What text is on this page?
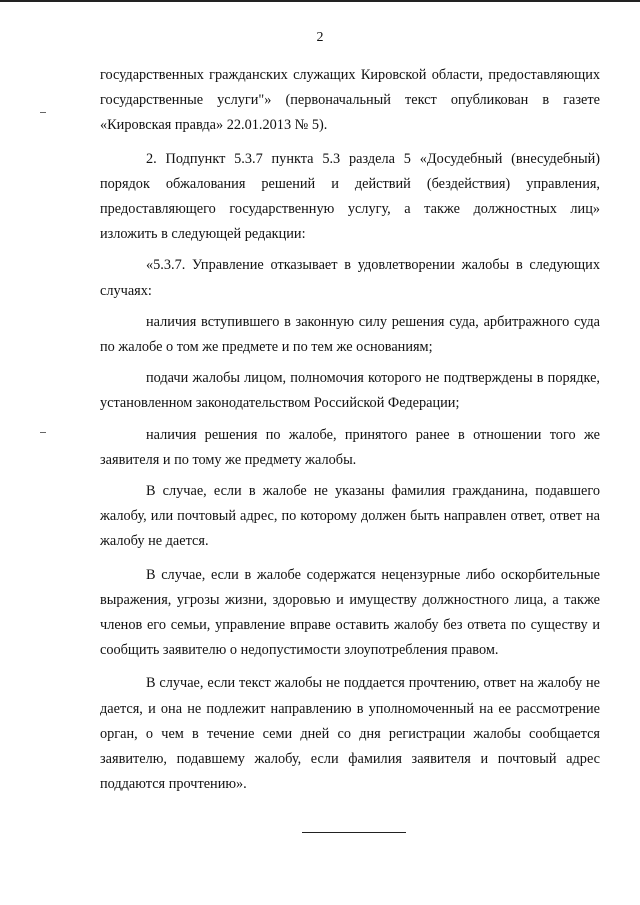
2

государственных гражданских служащих Кировской области, предоставляющих государственные услуги"» (первоначальный текст опубликован в газете «Кировская правда» 22.01.2013 № 5).

2. Подпункт 5.3.7 пункта 5.3 раздела 5 «Досудебный (внесудебный) порядок обжалования решений и действий (бездействия) управления, предоставляющего государственную услугу, а также должностных лиц» изложить в следующей редакции:

«5.3.7. Управление отказывает в удовлетворении жалобы в следующих случаях:

наличия вступившего в законную силу решения суда, арбитражного суда по жалобе о том же предмете и по тем же основаниям;

подачи жалобы лицом, полномочия которого не подтверждены в порядке, установленном законодательством Российской Федерации;

наличия решения по жалобе, принятого ранее в отношении того же заявителя и по тому же предмету жалобы.

В случае, если в жалобе не указаны фамилия гражданина, подавшего жалобу, или почтовый адрес, по которому должен быть направлен ответ, ответ на жалобу не дается.

В случае, если в жалобе содержатся нецензурные либо оскорбительные выражения, угрозы жизни, здоровью и имуществу должностного лица, а также членов его семьи, управление вправе оставить жалобу без ответа по существу и сообщить заявителю о недопустимости злоупотребления правом.

В случае, если текст жалобы не поддается прочтению, ответ на жалобу не дается, и она не подлежит направлению в уполномоченный на ее рассмотрение орган, о чем в течение семи дней со дня регистрации жалобы сообщается заявителю, подавшему жалобу, если фамилия заявителя и почтовый адрес поддаются прочтению».
